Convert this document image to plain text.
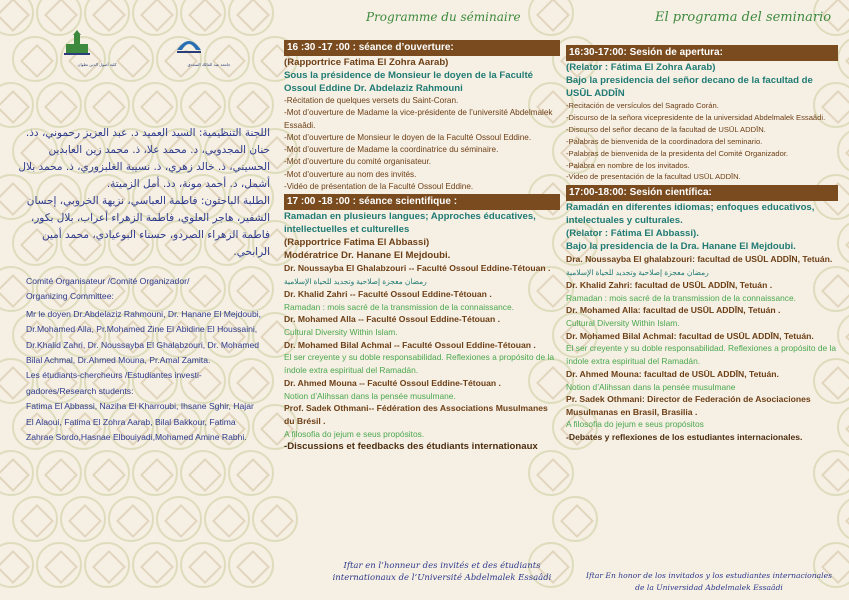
Programme du séminaire	El programa del seminario
كلية أصول الدين تطوان	جامعة عبد المالك السعدي
اللجنة التنظيمية: السيد العميد د. عبد العزيز رحموني، دذ. حنان المجدوبي، د. محمد علا، ذ. محمد زين العابدين الحسيني، ذ. خالد زهري، ذ. نسيبة الغلبزوري، ذ. محمد بلال أشمل، د. أحمد مونة، دذ. أمل الزميتة.
الطلبة الباحثون: فاطمة العباسي، نزيهة الخروبي، إحسان الشفير، هاجر العلوي، فاطمة الزهراء أعراب، بلال بكور، فاطمة الزهراء الصردو، حسناء البوعيادي، محمد أمين الرابحي.
Comité Organisateur /Comité Organizador/
Organizing Committee:
Mr le doyen Dr.Abdelaziz Rahmouni, Dr. Hanane El Mejdoubi, Dr.Mohamed Alla, Pr.Mohamed Zine El Abidine El Houssaini, Dr.Khalid Zahri, Dr. Noussayba El Ghalabzouri, Dr. Mohamed Bilal Achmal, Dr.Ahmed Mouna, Pr.Amal Zamita.
Les étudiants-chercheurs /Estudiantes investi-
gadores/Research students:
Fatima El Abbassi, Naziha El Kharroubi, Ihsane Sghir, Hajar El Alaoui, Fatima El Zohra Aarab, Bilal Bakkour, Fatima Zahrae Sordo,Hasnae Elbouiyadi,Mohamed Amine Rabhi.
16 :30 -17 :00 : séance d’ouverture:
(Rapportrice Fatima El Zohra Aarab)
Sous la présidence de Monsieur le doyen de la Faculté Ossoul Eddine Dr. Abdelaziz Rahmouni
-Récitation de quelques versets du Saint-Coran.
-Mot d’ouverture de Madame la vice-présidente de l’université Abdelmalek Essaâdi.
-Mot d’ouverture de Monsieur le doyen de la Faculté Ossoul Eddine.
-Mot d’ouverture de Madame la coordinatrice du séminaire.
-Mot d’ouverture du comité organisateur.
-Mot d’ouverture au nom des invités.
-Vidéo de présentation de la Faculté Ossoul Eddine.
17 :00 -18 :00 : séance scientifique :
Ramadan en plusieurs langues; Approches éducatives, intellectuelles et culturelles
(Rapportrice Fatima El Abbassi)
Modératrice Dr. Hanane El Mejdoubi.
Dr. Noussayba El Ghalabzouri -- Faculté Ossoul Eddine-Tétouan .
رمضان معجزة إصلاحية وتجديد للحياة الإسلامية
Dr. Khalid Zahri -- Faculté Ossoul Eddine-Tétouan .
Ramadan : mois sacré de la transmission de la connaissance.
Dr. Mohamed Alla -- Faculté Ossoul Eddine-Tétouan .
Cultural Diversity Within Islam.
Dr. Mohamed Bilal Achmal -- Faculté Ossoul Eddine-Tétouan .
El ser creyente y su doble responsabilidad. Reflexiones a propósito de la índole extra espiritual del Ramadán.
Dr. Ahmed Mouna -- Faculté Ossoul Eddine-Tétouan .
Notion d’Alihssan dans la pensée musulmane.
Prof. Sadek Othmani-- Fédération des Associations Musulmanes du Brésil .
A filosofia do jejum e seus propósitos.
-Discussions et feedbacks des étudiants internationaux
16:30-17:00: Sesión de apertura:
(Relator : Fátima El Zohra Aarab)
Bajo la presidencia del señor decano de la facultad de USŪL ADDĪN
-Recitación de versículos del Sagrado Corán.
-Discurso de la señora vicepresidente de la universidad Abdelmalek Essaâdi.
-Discurso del señor decano de la facultad de USŪL ADDĪN.
-Palabras de bienvenida de la coordinadora del seminario.
-Palabras de bienvenida de la presidenta del Comité Organizador.
-Palabra en nombre de los invitados.
-Video de presentación de la facultad USŪL ADDĪN.
17:00-18:00: Sesión científica:
Ramadán en diferentes idiomas; enfoques educativos, intelectuales y culturales.
(Relator : Fátima El Abbassi).
Bajo la presidencia de la Dra. Hanane El Mejdoubi.
Dra. Noussayba El ghalabzouri: facultad de USŪL ADDĪN, Tetuán.
رمضان معجزة إصلاحية وتجديد للحياة الإسلامية
Dr. Khalid Zahri: facultad de USŪL ADDĪN, Tetuán .
Ramadan : mois sacré de la transmission de la connaissance.
Dr. Mohamed Alla: facultad de USŪL ADDĪN, Tetuán .
Cultural Diversity Within Islam.
Dr. Mohamed Bilal Achmal: facultad de USŪL ADDĪN, Tetuán.
El ser creyente y su doble responsabilidad. Reflexiones a propósito de la índole extra espiritual del Ramadán.
Dr. Ahmed Mouna: facultad de USŪL ADDĪN, Tetuán.
Notion d’Alihssan dans la pensée musulmane
Pr. Sadek Othmani: Director de Federación de Asociaciones Musulmanas en Brasil, Brasilia .
A filosofia do jejum e seus propósitos
-Debates y reflexiones de los estudiantes internacionales.
Iftar en l’honneur des invités et des étudiants
internationaux de l’Université Abdelmalek Essaâdi	Iftar En honor de los invitados y los estudiantes internacionales
de la Universidad Abdelmalek Essaâdi
